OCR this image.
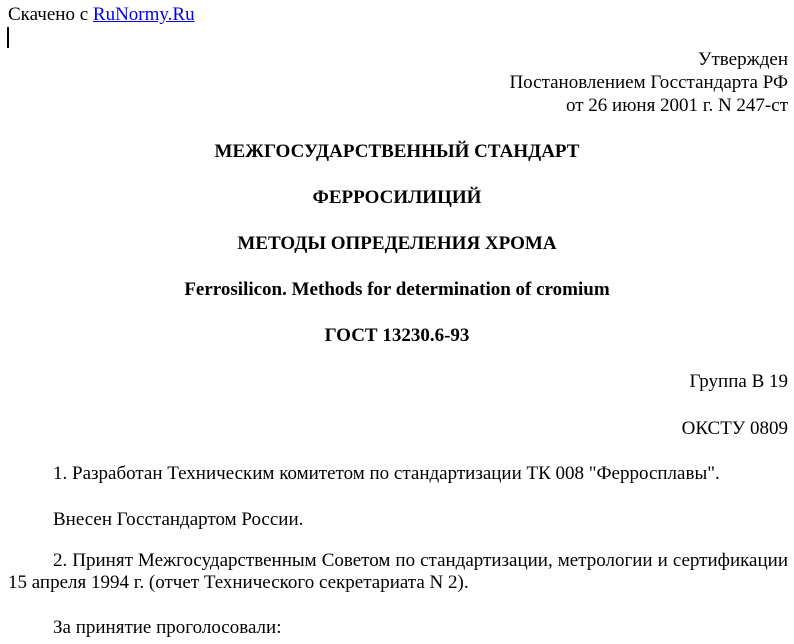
Скачено с RuNormy.Ru
Утвержден
Постановлением Госстандарта РФ
от 26 июня 2001 г. N 247-ст
МЕЖГОСУДАРСТВЕННЫЙ СТАНДАРТ
ФЕРРОСИЛИЦИЙ
МЕТОДЫ ОПРЕДЕЛЕНИЯ ХРОМА
Ferrosilicon. Methods for determination of cromium
ГОСТ 13230.6-93
Группа В 19
ОКСТУ 0809
1. Разработан Техническим комитетом по стандартизации ТК 008 "Ферросплавы".
Внесен Госстандартом России.
2. Принят Межгосударственным Советом по стандартизации, метрологии и сертификации 15 апреля 1994 г. (отчет Технического секретариата N 2).
За принятие проголосовали:
